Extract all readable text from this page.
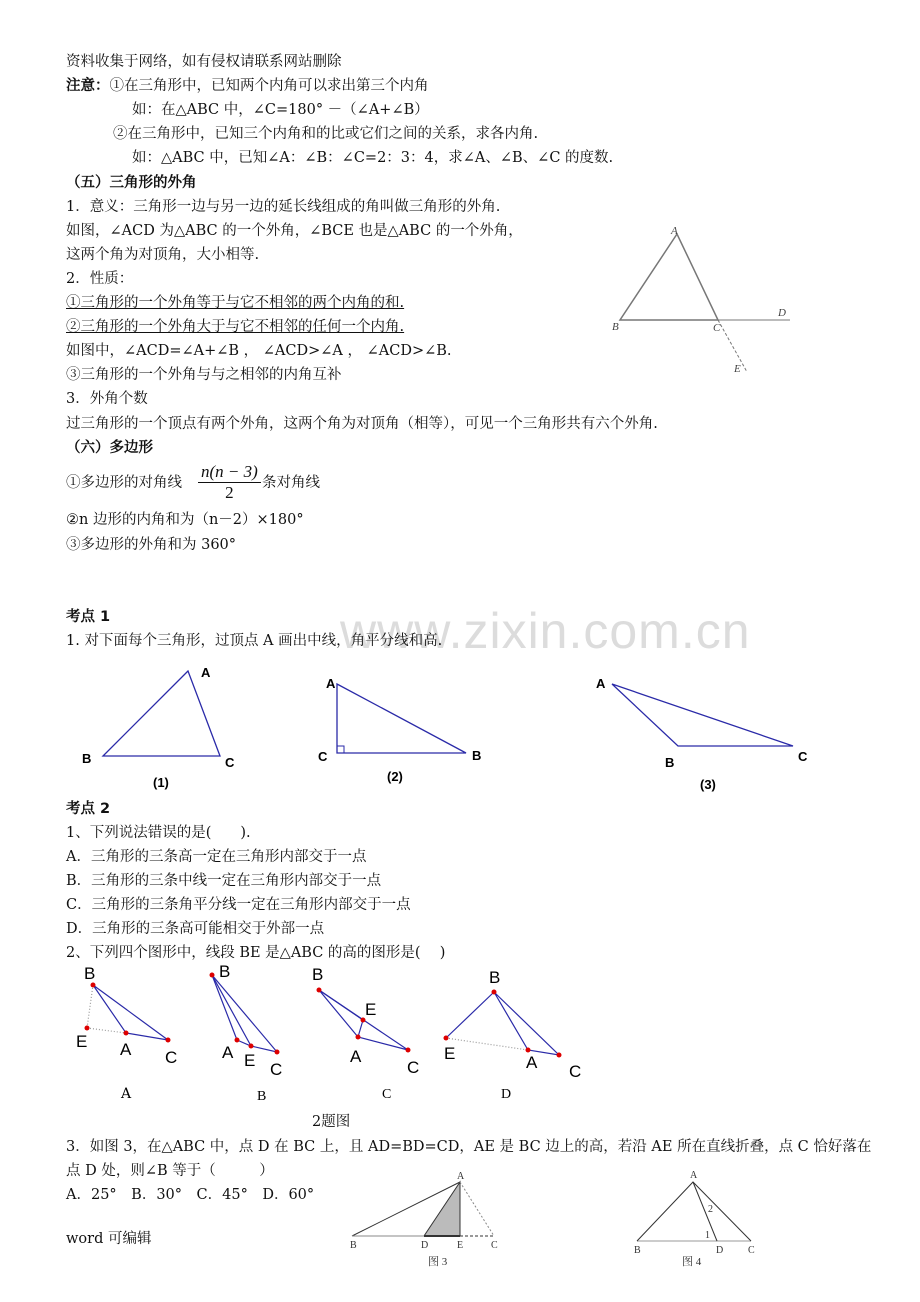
www.zixin.com.cn
资料收集于网络，如有侵权请联系网站删除
注意：①在三角形中，已知两个内角可以求出第三个内角
如：在△ABC 中，∠C=180° －（∠A+∠B）
②在三角形中，已知三个内角和的比或它们之间的关系，求各内角.
如：△ABC 中，已知∠A：∠B：∠C=2：3：4，求∠A、∠B、∠C 的度数.
（五）三角形的外角
1．意义：三角形一边与另一边的延长线组成的角叫做三角形的外角.
如图，∠ACD 为△ABC 的一个外角，∠BCE 也是△ABC 的一个外角，
这两个角为对顶角，大小相等.
2．性质：
①三角形的一个外角等于与它不相邻的两个内角的和.
②三角形的一个外角大于与它不相邻的任何一个内角.
如图中，∠ACD=∠A+∠B ， ∠ACD>∠A ， ∠ACD>∠B.
③三角形的一个外角与与之相邻的内角互补
3．外角个数
过三角形的一个顶点有两个外角，这两个角为对顶角（相等），可见一个三角形共有六个外角.
（六）多边形
①多边形的对角线 $\frac{n(n - 3)}{2}$ 条对角线
②n 边形的内角和为（n－2）×180°
③多边形的外角和为 360°
考点 1
1. 对下面每个三角形，过顶点 A 画出中线，角平分线和高.
考点 2
1、下列说法错误的是(　　).
A．三角形的三条高一定在三角形内部交于一点
B．三角形的三条中线一定在三角形内部交于一点
C．三角形的三条角平分线一定在三角形内部交于一点
D．三角形的三条高可能相交于外部一点
2、下列四个图形中，线段 BE 是△ABC 的高的图形是(　 )
2题图
3．如图 3，在△ABC 中，点 D 在 BC 上，且 AD=BD=CD，AE 是 BC 边上的高，若沿 AE 所在直线折叠，点 C 恰好落在
点 D 处，则∠B 等于（　　　）
A．25°　B．30°　C．45°　D．60°
word 可编辑
A
B	C
D
E
A
B	C
(1)
A
C	B
(2)
A
B	C
(3)
B
E A C
A
B
A E C
B
B
E
A
C
C
B
E	A C
D
A
B	D	E	C
图 3
A
B	D C
1
2
图 4
